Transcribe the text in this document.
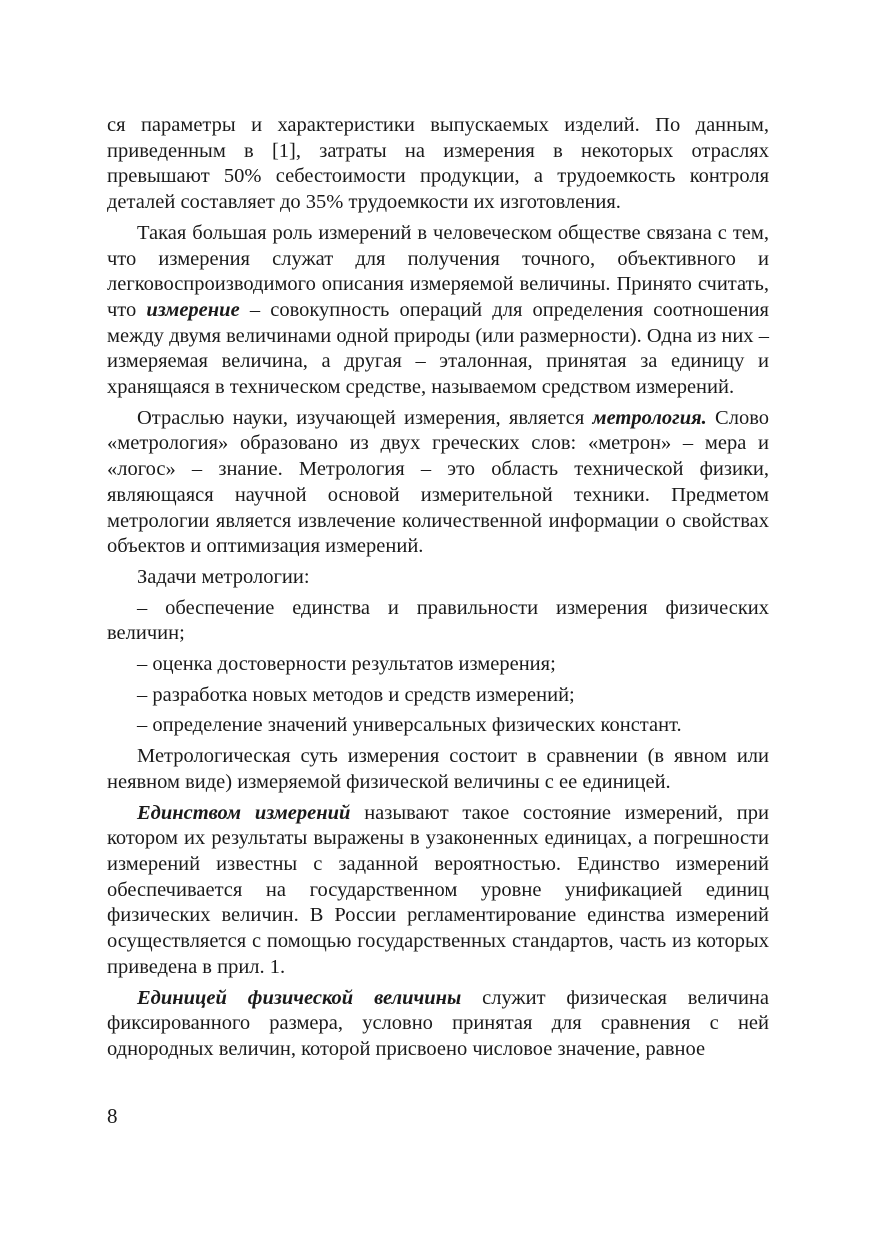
ся параметры и характеристики выпускаемых изделий. По данным, приведенным в [1], затраты на измерения в некоторых отраслях превышают 50% себестоимости продукции, а трудоемкость контроля деталей составляет до 35% трудоемкости их изготовления.

Такая большая роль измерений в человеческом обществе связана с тем, что измерения служат для получения точного, объективного и легковоспроизводимого описания измеряемой величины. Принято считать, что измерение – совокупность операций для определения соотношения между двумя величинами одной природы (или размерности). Одна из них – измеряемая величина, а другая – эталонная, принятая за единицу и хранящаяся в техническом средстве, называемом средством измерений.

Отраслью науки, изучающей измерения, является метрология. Слово «метрология» образовано из двух греческих слов: «метрон» – мера и «логос» – знание. Метрология – это область технической физики, являющаяся научной основой измерительной техники. Предметом метрологии является извлечение количественной информации о свойствах объектов и оптимизация измерений.

Задачи метрологии:

– обеспечение единства и правильности измерения физических величин;

– оценка достоверности результатов измерения;

– разработка новых методов и средств измерений;

– определение значений универсальных физических констант.

Метрологическая суть измерения состоит в сравнении (в явном или неявном виде) измеряемой физической величины с ее единицей.

Единством измерений называют такое состояние измерений, при котором их результаты выражены в узаконенных единицах, а погрешности измерений известны с заданной вероятностью. Единство измерений обеспечивается на государственном уровне унификацией единиц физических величин. В России регламентирование единства измерений осуществляется с помощью государственных стандартов, часть из которых приведена в прил. 1.

Единицей физической величины служит физическая величина фиксированного размера, условно принятая для сравнения с ней однородных величин, которой присвоено числовое значение, равное

8
